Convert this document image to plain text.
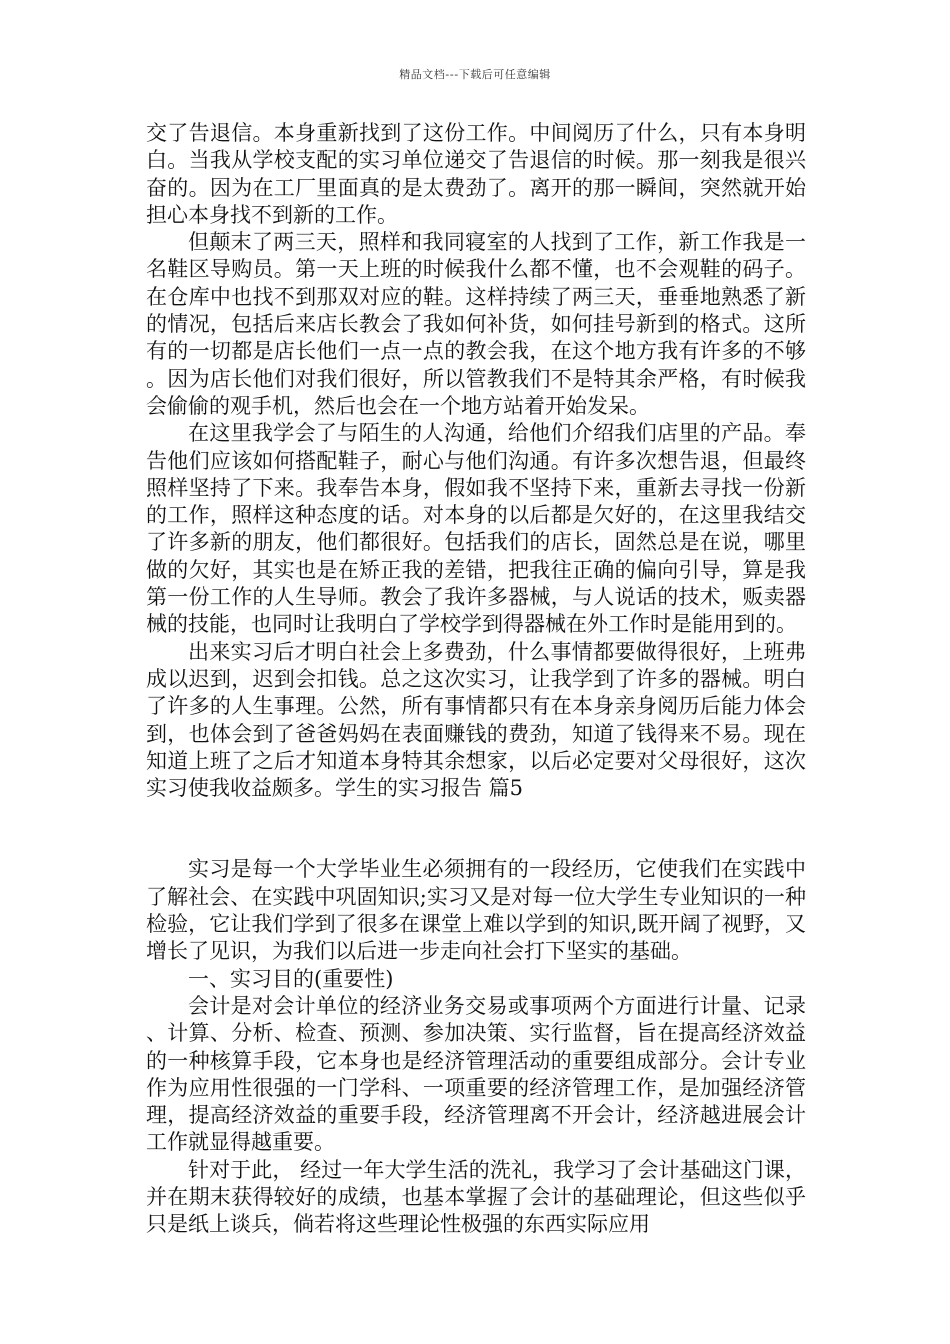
精品文档---下载后可任意编辑

交了告退信。本身重新找到了这份工作。中间阅历了什么，只有本身明白。当我从学校支配的实习单位递交了告退信的时候。那一刻我是很兴奋的。因为在工厂里面真的是太费劲了。离开的那一瞬间，突然就开始担心本身找不到新的工作。

但颠末了两三天，照样和我同寝室的人找到了工作，新工作我是一名鞋区导购员。第一天上班的时候我什么都不懂，也不会观鞋的码子。在仓库中也找不到那双对应的鞋。这样持续了两三天，垂垂地熟悉了新的情况，包括后来店长教会了我如何补货，如何挂号新到的格式。这所有的一切都是店长他们一点一点的教会我，在这个地方我有许多的不够。因为店长他们对我们很好，所以管教我们不是特其余严格，有时候我会偷偷的观手机，然后也会在一个地方站着开始发呆。

在这里我学会了与陌生的人沟通，给他们介绍我们店里的产品。奉告他们应该如何搭配鞋子，耐心与他们沟通。有许多次想告退，但最终照样坚持了下来。我奉告本身，假如我不坚持下来，重新去寻找一份新的工作，照样这种态度的话。对本身的以后都是欠好的，在这里我结交了许多新的朋友，他们都很好。包括我们的店长，固然总是在说，哪里做的欠好，其实也是在矫正我的差错，把我往正确的偏向引导，算是我第一份工作的人生导师。教会了我许多器械，与人说话的技术，贩卖器械的技能，也同时让我明白了学校学到得器械在外工作时是能用到的。

出来实习后才明白社会上多费劲，什么事情都要做得很好，上班弗成以迟到，迟到会扣钱。总之这次实习，让我学到了许多的器械。明白了许多的人生事理。公然，所有事情都只有在本身亲身阅历后能力体会到，也体会到了爸爸妈妈在表面赚钱的费劲，知道了钱得来不易。现在知道上班了之后才知道本身特其余想家，以后必定要对父母很好，这次实习使我收益颇多。学生的实习报告 篇5

实习是每一个大学毕业生必须拥有的一段经历，它使我们在实践中了解社会、在实践中巩固知识;实习又是对每一位大学生专业知识的一种检验，它让我们学到了很多在课堂上难以学到的知识,既开阔了视野，又增长了见识，为我们以后进一步走向社会打下坚实的基础。

一、实习目的(重要性)

会计是对会计单位的经济业务交易或事项两个方面进行计量、记录、计算、分析、检查、预测、参加决策、实行监督，旨在提高经济效益的一种核算手段，它本身也是经济管理活动的重要组成部分。会计专业作为应用性很强的一门学科、一项重要的经济管理工作，是加强经济管理，提高经济效益的重要手段，经济管理离不开会计，经济越进展会计工作就显得越重要。

针对于此， 经过一年大学生活的洗礼，我学习了会计基础这门课，并在期末获得较好的成绩，也基本掌握了会计的基础理论，但这些似乎只是纸上谈兵，倘若将这些理论性极强的东西实际应用
